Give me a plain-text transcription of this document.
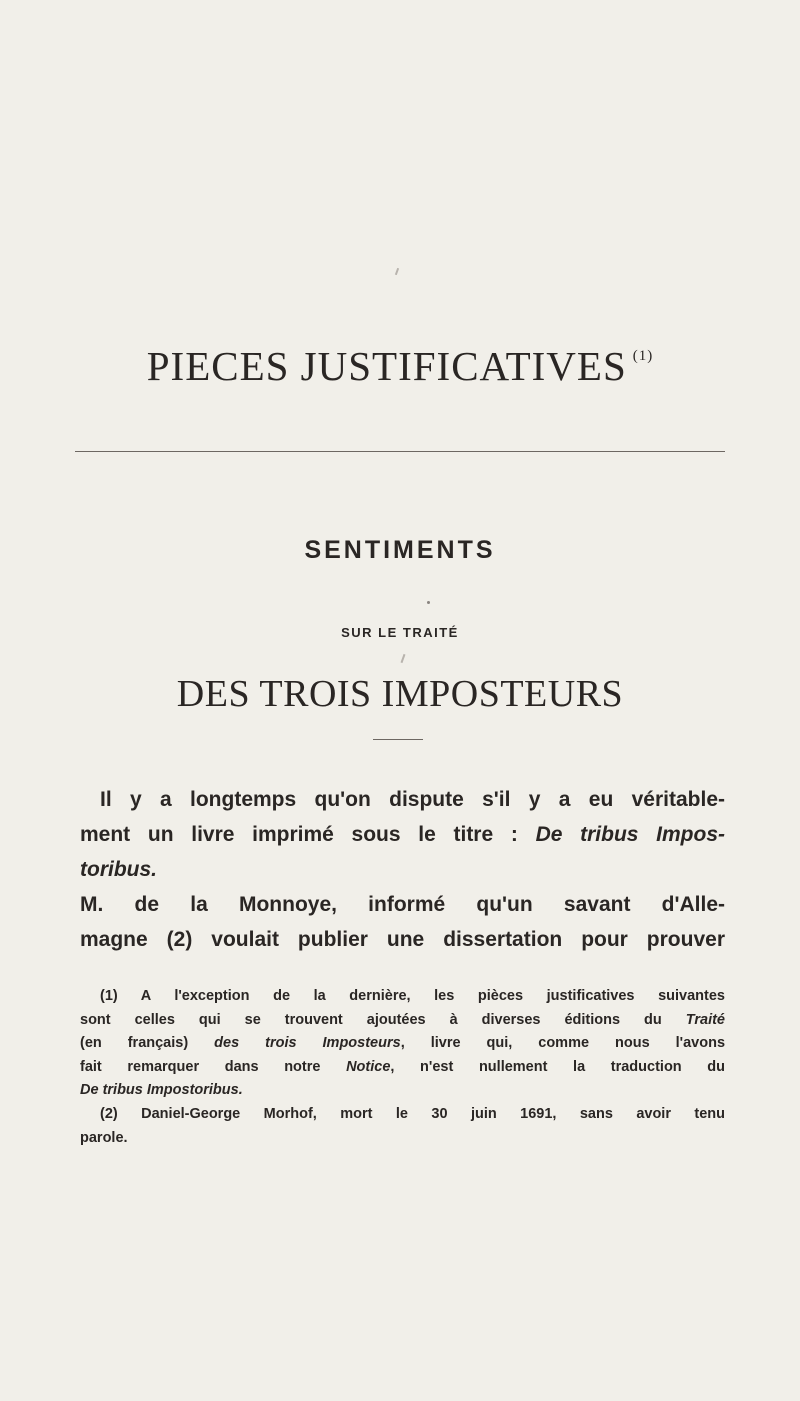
PIECES JUSTIFICATIVES $^{(1)}$
SENTIMENTS
SUR LE TRAITÉ
DES TROIS IMPOSTEURS
Il y a longtemps qu'on dispute s'il y a eu véritable-
ment un livre imprimé sous le titre : De tribus Impos-
toribus.
M. de la Monnoye, informé qu'un savant d'Alle-
magne (2) voulait publier une dissertation pour prouver
(1) A l'exception de la dernière, les pièces justificatives suivantes
sont celles qui se trouvent ajoutées à diverses éditions du Traité
(en français) des trois Imposteurs, livre qui, comme nous l'avons
fait remarquer dans notre Notice, n'est nullement la traduction du
De tribus Impostoribus.
(2) Daniel-George Morhof, mort le 30 juin 1691, sans avoir tenu
parole.
